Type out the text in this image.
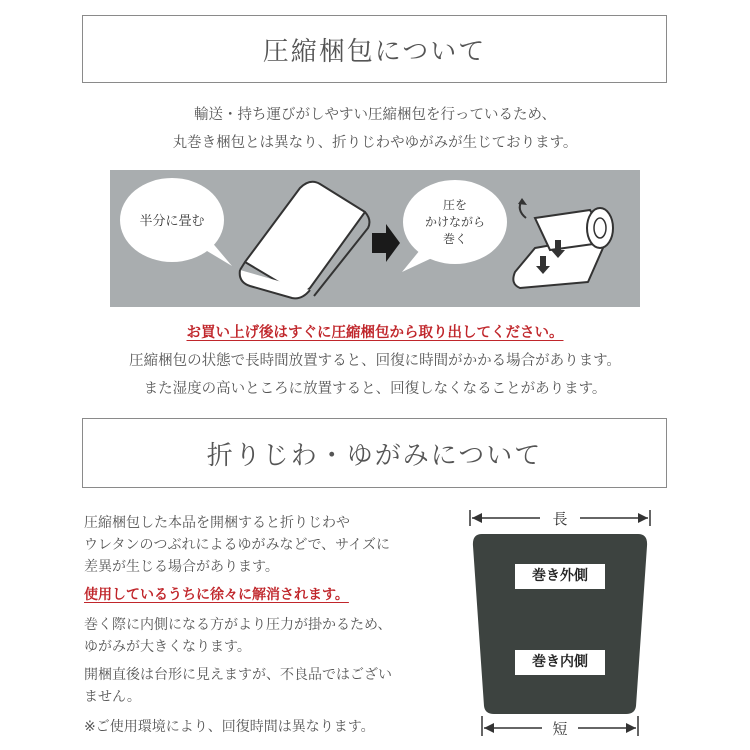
圧縮梱包について
輸送・持ち運びがしやすい圧縮梱包を行っているため、
丸巻き梱包とは異なり、折りじわやゆがみが生じております。
半分に畳む
圧を
かけながら
巻く
お買い上げ後はすぐに圧縮梱包から取り出してください。
圧縮梱包の状態で長時間放置すると、回復に時間がかかる場合があります。
また湿度の高いところに放置すると、回復しなくなることがあります。
折りじわ・ゆがみについて
圧縮梱包した本品を開梱すると折りじわや
ウレタンのつぶれによるゆがみなどで、サイズに
差異が生じる場合があります。
使用しているうちに徐々に解消されます。
巻く際に内側になる方がより圧力が掛かるため、
ゆがみが大きくなります。
開梱直後は台形に見えますが、不良品ではござい
ません。
※ご使用環境により、回復時間は異なります。
長
短
巻き外側
巻き内側
